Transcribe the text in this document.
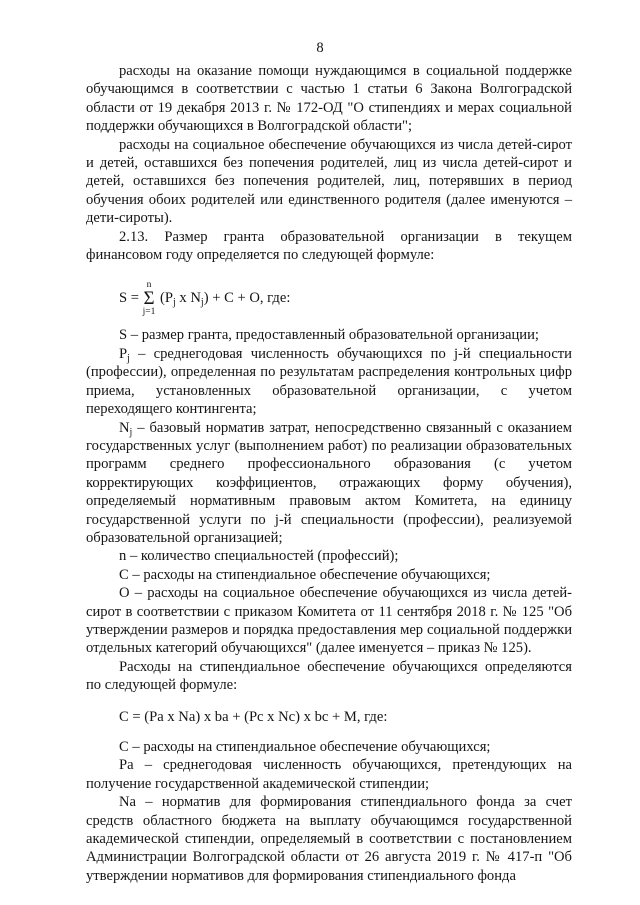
8

расходы на оказание помощи нуждающимся в социальной поддержке обучающимся в соответствии с частью 1 статьи 6 Закона Волгоградской области от 19 декабря 2013 г. № 172-ОД "О стипендиях и мерах социальной поддержки обучающихся в Волгоградской области";

расходы на социальное обеспечение обучающихся из числа детей-сирот и детей, оставшихся без попечения родителей, лиц из числа детей-сирот и детей, оставшихся без попечения родителей, лиц, потерявших в период обучения обоих родителей или единственного родителя (далее именуются – дети-сироты).

2.13. Размер гранта образовательной организации в текущем финансовом году определяется по следующей формуле:

S =
n
Σ
j=1
($P_j$ x $N_j) + C + O$, где:

S – размер гранта, предоставленный образовательной организации;

$P_j$ – среднегодовая численность обучающихся по j-й специальности (профессии), определенная по результатам распределения контрольных цифр приема, установленных образовательной организации, с учетом переходящего контингента;

$N_j$ – базовый норматив затрат, непосредственно связанный с оказанием государственных услуг (выполнением работ) по реализации образовательных программ среднего профессионального образования (с учетом корректирующих коэффициентов, отражающих форму обучения), определяемый нормативным правовым актом Комитета, на единицу государственной услуги по j-й специальности (профессии), реализуемой образовательной организацией;

n – количество специальностей (профессий);

C – расходы на стипендиальное обеспечение обучающихся;

O – расходы на социальное обеспечение обучающихся из числа детей-сирот в соответствии с приказом Комитета от 11 сентября 2018 г. № 125 "Об утверждении размеров и порядка предоставления мер социальной поддержки отдельных категорий обучающихся" (далее именуется – приказ № 125).

Расходы на стипендиальное обеспечение обучающихся определяются по следующей формуле:

C = (Pa x Na) x ba + (Pc x Nc) x bc + M, где:

C – расходы на стипендиальное обеспечение обучающихся;

Pa – среднегодовая численность обучающихся, претендующих на получение государственной академической стипендии;

Na – норматив для формирования стипендиального фонда за счет средств областного бюджета на выплату обучающимся государственной академической стипендии, определяемый в соответствии с постановлением Администрации Волгоградской области от 26 августа 2019 г. № 417-п "Об утверждении нормативов для формирования стипендиального фонда
